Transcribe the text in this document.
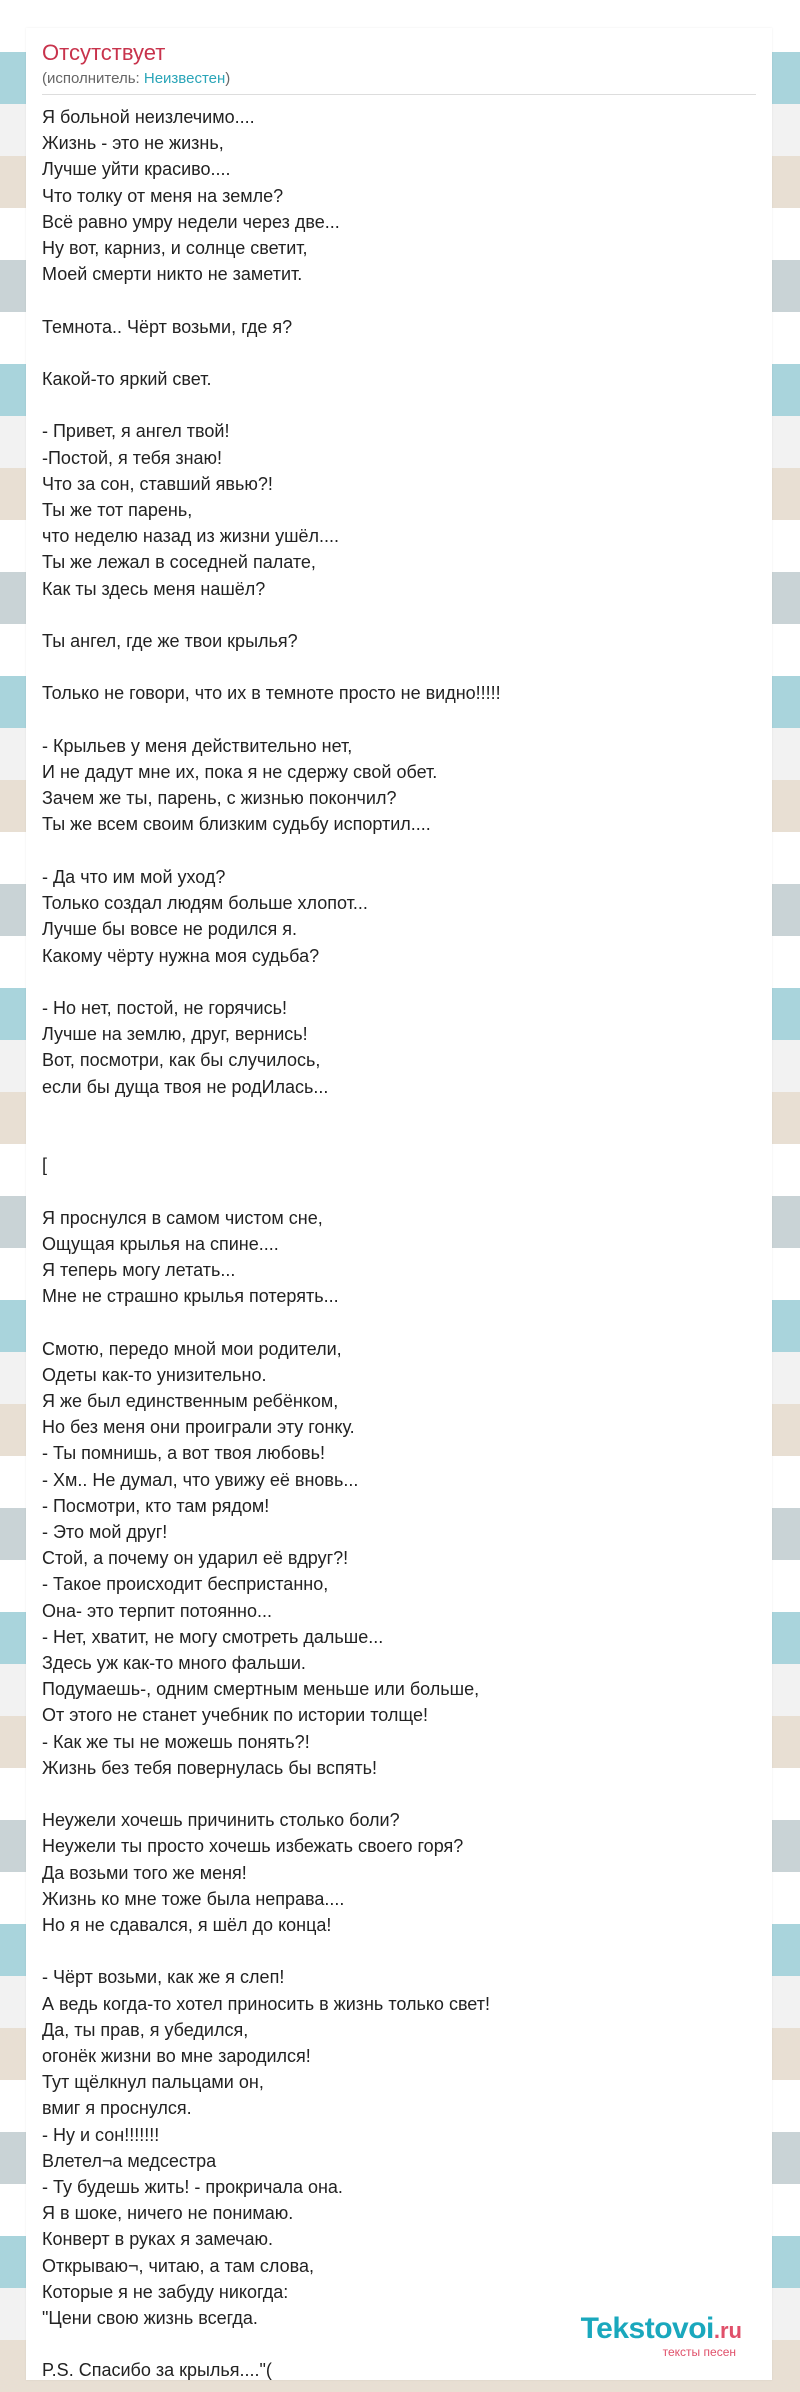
Отсутствует
(исполнитель: Неизвестен)
Я больной неизлечимо....
Жизнь - это не жизнь,
Лучше уйти красиво....
Что толку от меня на земле?
Всё равно умру недели через две...
Ну вот, карниз, и солнце светит,
Моей смерти никто не заметит.

Темнота.. Чёрт возьми, где я?

Какой-то яркий свет.

- Привет, я ангел твой!
-Постой, я тебя знаю!
Что за сон, ставший явью?!
Ты же тот парень,
что неделю назад из жизни ушёл....
Ты же лежал в соседней палате,
Как ты здесь меня нашёл?

Ты ангел, где же твои крылья?

Только не говори, что их в темноте просто не видно!!!!!

- Крыльев у меня действительно нет,
И не дадут мне их, пока я не сдержу свой обет.
Зачем же ты, парень, с жизнью покончил?
Ты же всем своим близким судьбу испортил....

- Да что им мой уход?
Только создал людям больше хлопот...
Лучше бы вовсе не родился я.
Какому чёрту нужна моя судьба?

- Но нет, постой, не горячись!
Лучше на землю, друг, вернись!
Вот, посмотри, как бы случилось,
если бы дуща твоя не родИлась...

[

Я проснулся в самом чистом сне,
Ощущая крылья на спине....
Я теперь могу летать...
Мне не страшно крылья потерять...

Смотю, передо мной мои родители,
Одеты как-то унизительно.
Я же был единственным ребёнком,
Но без меня они проиграли эту гонку.
- Ты помнишь, а вот твоя любовь!
- Хм.. Не думал, что увижу её вновь...
- Посмотри, кто там рядом!
- Это мой друг!
Стой, а почему он ударил её вдруг?!
- Такое происходит беспристанно,
Она- это терпит потоянно...
- Нет, хватит, не могу смотреть дальше...
Здесь уж как-то много фальши.
Подумаешь-, одним смертным меньше или больше,
От этого не станет учебник по истории толще!
- Как же ты не можешь понять?!
Жизнь без тебя повернулась бы вспять!

Неужели хочешь причинить столько боли?
Неужели ты просто хочешь избежать своего горя?
Да возьми того же меня!
Жизнь ко мне тоже была неправа....
Но я не сдавался, я шёл до конца!

- Чёрт возьми, как же я слеп!
А ведь когда-то хотел приносить в жизнь только свет!
Да, ты прав, я убедился,
огонёк жизни во мне зародился!
Тут щёлкнул пальцами он,
вмиг я проснулся.
- Ну и сон!!!!!!!
Влетел¬а медсестра
- Ту будешь жить! - прокричала она.
Я в шоке, ничего не понимаю.
Конверт в руках я замечаю.
Открываю¬, читаю, а там слова,
Которые я не забуду никогда:
"Цени свою жизнь всегда.

P.S. Спасибо за крылья...."(
Tekstovoi.ru
тексты песен
